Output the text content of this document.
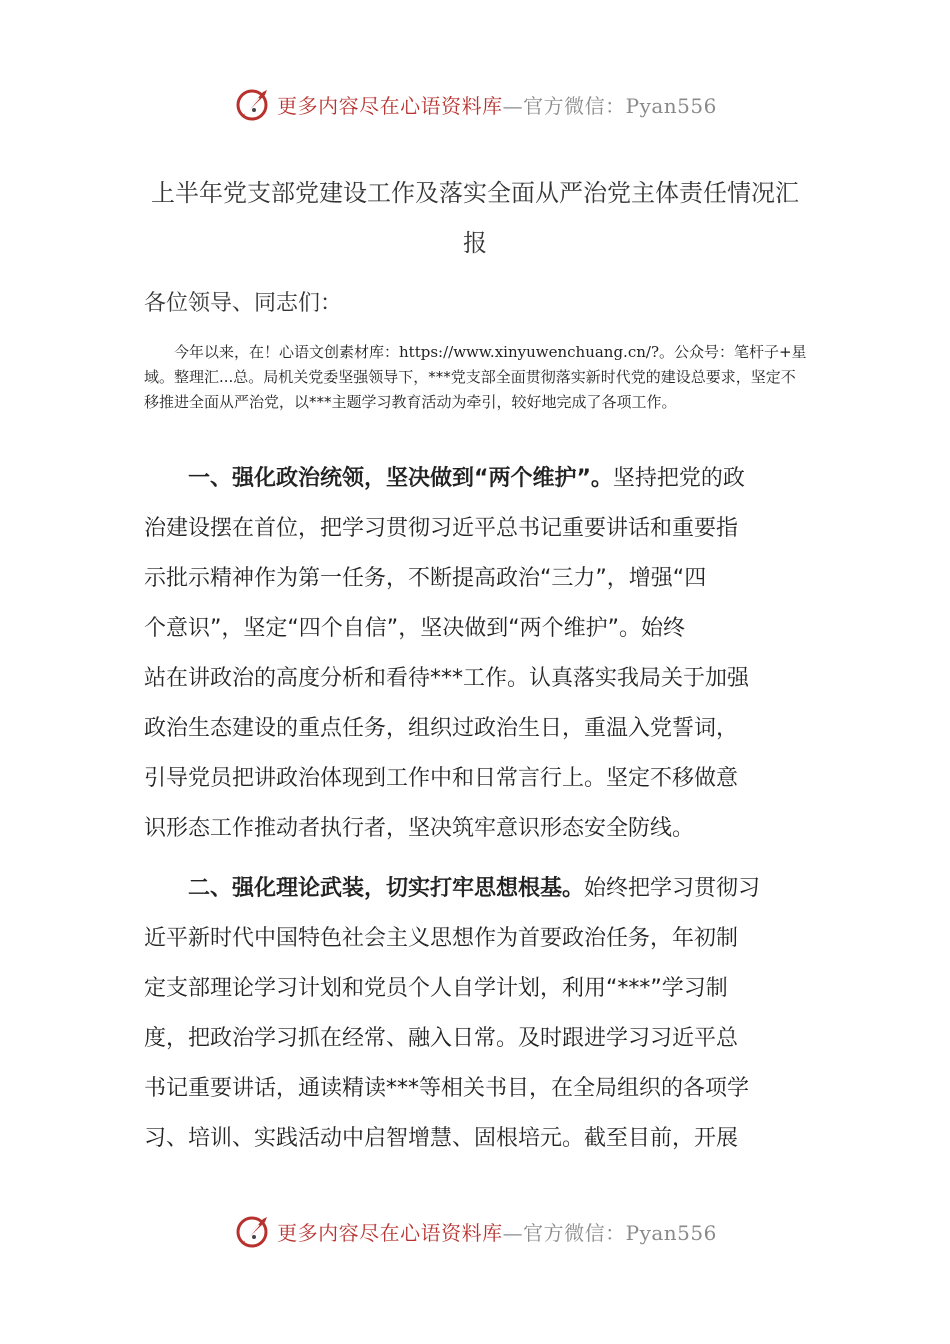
更多内容尽在心语资料库—官方微信：Pyan556
上半年党支部党建设工作及落实全面从严治党主体责任情况汇
报

各位领导、同志们：

今年以来，在！心语文创素材库：https://www.xinyuwenchuang.cn/?。公众号：笔杆子+星域。整理汇...总。局机关党委坚强领导下，***党支部全面贯彻落实新时代党的建设总要求，坚定不移推进全面从严治党，以***主题学习教育活动为牵引，较好地完成了各项工作。

一、强化政治统领，坚决做到“两个维护”。坚持把党的政
治建设摆在首位，把学习贯彻习近平总书记重要讲话和重要指
示批示精神作为第一任务，不断提高政治“三力”，增强“四
个意识”，坚定“四个自信”，坚决做到“两个维护”。始终
站在讲政治的高度分析和看待***工作。认真落实我局关于加强
政治生态建设的重点任务，组织过政治生日，重温入党誓词，
引导党员把讲政治体现到工作中和日常言行上。坚定不移做意
识形态工作推动者执行者，坚决筑牢意识形态安全防线。
二、强化理论武装，切实打牢思想根基。始终把学习贯彻习
近平新时代中国特色社会主义思想作为首要政治任务，年初制
定支部理论学习计划和党员个人自学计划，利用“***”学习制
度，把政治学习抓在经常、融入日常。及时跟进学习习近平总
书记重要讲话，通读精读***等相关书目，在全局组织的各项学
习、培训、实践活动中启智增慧、固根培元。截至目前，开展
更多内容尽在心语资料库—官方微信：Pyan556
